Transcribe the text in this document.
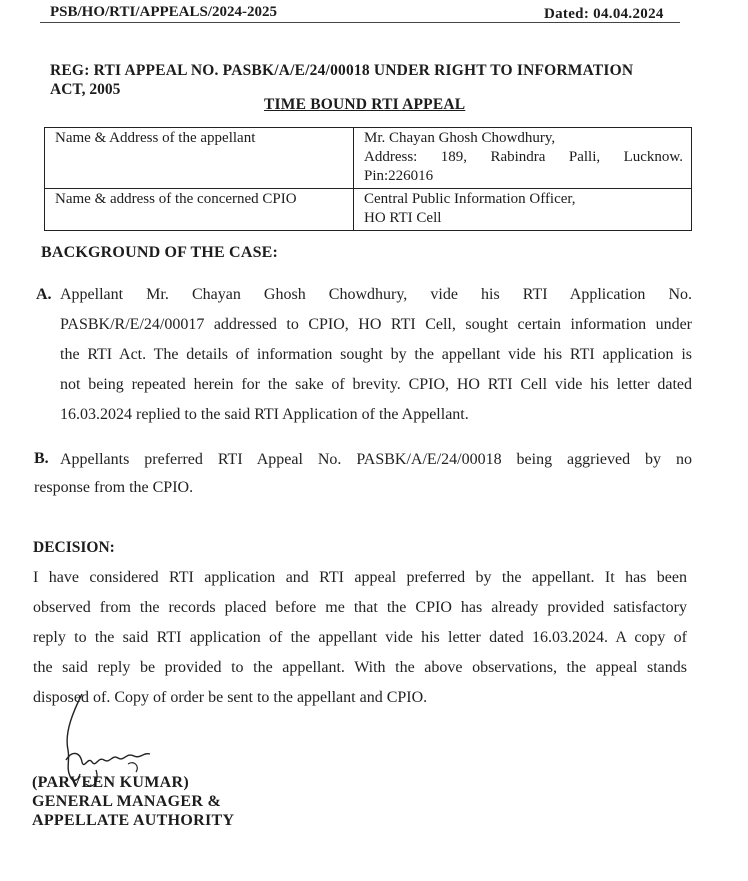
PSB/HO/RTI/APPEALS/2024-2025	Dated: 04.04.2024
REG: RTI APPEAL NO. PASBK/A/E/24/00018 UNDER RIGHT TO INFORMATION
ACT, 2005
TIME BOUND RTI APPEAL
Name & Address of the appellant	Mr. Chayan Ghosh Chowdhury,
Address: 189, Rabindra Palli, Lucknow.
Pin:226016

Name & address of the concerned CPIO	Central Public Information Officer,
HO RTI Cell
BACKGROUND OF THE CASE:
A. Appellant Mr. Chayan Ghosh Chowdhury, vide his RTI Application No.
PASBK/R/E/24/00017 addressed to CPIO, HO RTI Cell, sought certain information under
the RTI Act. The details of information sought by the appellant vide his RTI application is
not being repeated herein for the sake of brevity. CPIO, HO RTI Cell vide his letter dated
16.03.2024 replied to the said RTI Application of the Appellant.
B. Appellants preferred RTI Appeal No. PASBK/A/E/24/00018 being aggrieved by no
response from the CPIO.
DECISION:
I have considered RTI application and RTI appeal preferred by the appellant. It has been
observed from the records placed before me that the CPIO has already provided satisfactory
reply to the said RTI application of the appellant vide his letter dated 16.03.2024. A copy of
the said reply be provided to the appellant. With the above observations, the appeal stands
disposed of. Copy of order be sent to the appellant and CPIO.
(PARVEEN KUMAR)
GENERAL MANAGER &
APPELLATE AUTHORITY
